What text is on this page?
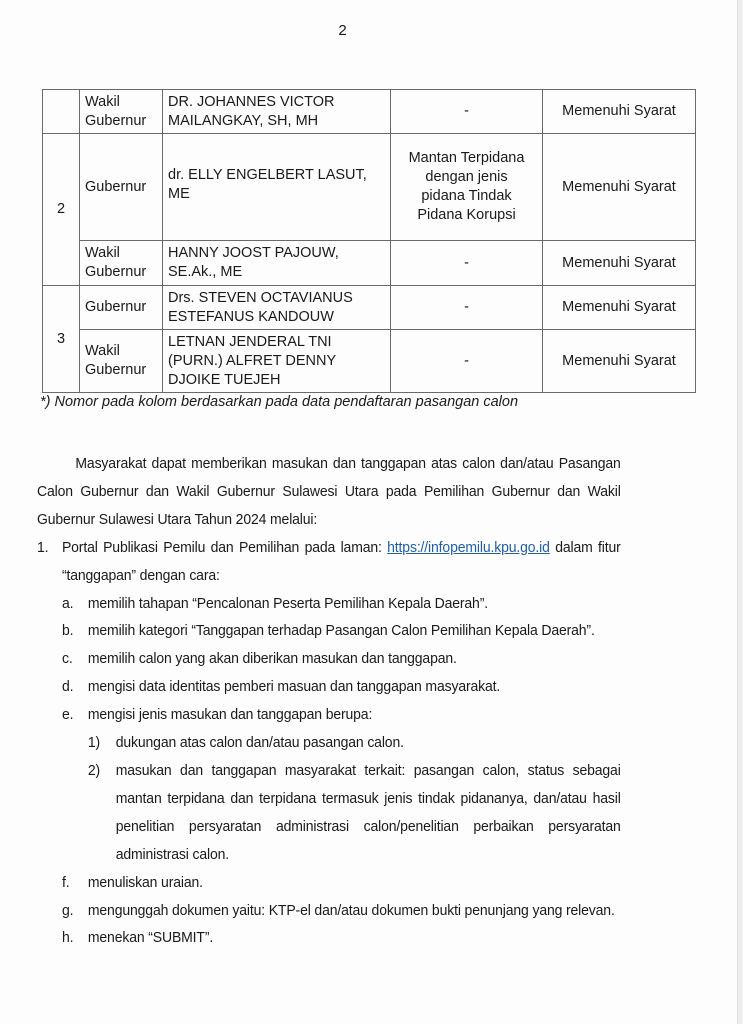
2
	Wakil Gubernur	DR. JOHANNES VICTOR MAILANGKAY, SH, MH	-	Memenuhi Syarat
2	Gubernur	dr. ELLY ENGELBERT LASUT, ME	Mantan Terpidana dengan jenis pidana Tindak Pidana Korupsi	Memenuhi Syarat
	Wakil Gubernur	HANNY JOOST PAJOUW, SE.Ak., ME	-	Memenuhi Syarat
3	Gubernur	Drs. STEVEN OCTAVIANUS ESTEFANUS KANDOUW	-	Memenuhi Syarat
	Wakil Gubernur	LETNAN JENDERAL TNI (PURN.) ALFRET DENNY DJOIKE TUEJEH	-	Memenuhi Syarat
*) Nomor pada kolom berdasarkan pada data pendaftaran pasangan calon

Masyarakat dapat memberikan masukan dan tanggapan atas calon dan/atau Pasangan Calon Gubernur dan Wakil Gubernur Sulawesi Utara pada Pemilihan Gubernur dan Wakil Gubernur Sulawesi Utara Tahun 2024 melalui:

1. Portal Publikasi Pemilu dan Pemilihan pada laman: https://infopemilu.kpu.go.id dalam fitur “tanggapan” dengan cara:
a. memilih tahapan “Pencalonan Peserta Pemilihan Kepala Daerah”.
b. memilih kategori “Tanggapan terhadap Pasangan Calon Pemilihan Kepala Daerah”.
c.	memilih calon yang akan diberikan masukan dan tanggapan.
d. mengisi data identitas pemberi masuan dan tanggapan masyarakat.
e. mengisi jenis masukan dan tanggapan berupa:
1)	dukungan atas calon dan/atau pasangan calon.
2)	masukan dan tanggapan masyarakat terkait: pasangan calon, status sebagai mantan terpidana dan terpidana termasuk jenis tindak pidananya, dan/atau hasil penelitian persyaratan administrasi calon/penelitian perbaikan persyaratan administrasi calon.
f.	menuliskan uraian.
g. mengunggah dokumen yaitu: KTP-el dan/atau dokumen bukti penunjang yang relevan.
h. menekan “SUBMIT”.
